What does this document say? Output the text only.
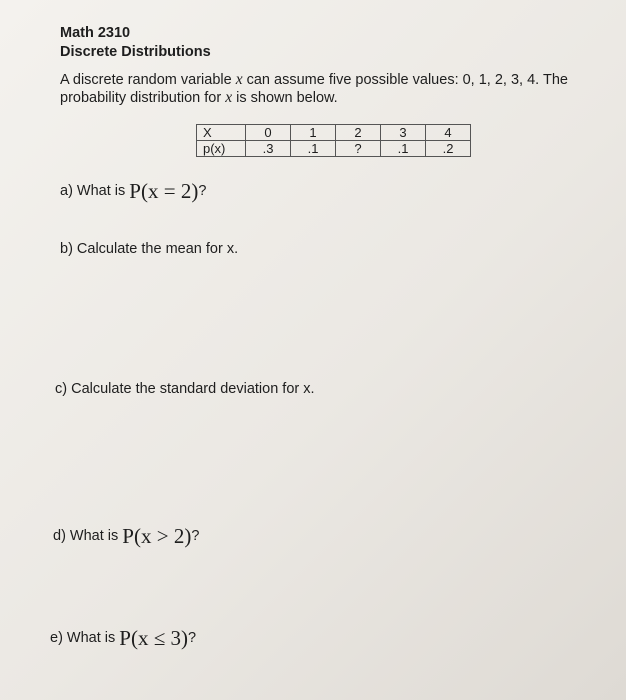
Math 2310
Discrete Distributions
A discrete random variable x can assume five possible values: 0, 1, 2, 3, 4. The
probability distribution for x is shown below.
X	0	1	2	3	4
p(x)	.3	.1	?	.1	.2
a) What is P(x = 2)?
b) Calculate the mean for x.
c) Calculate the standard deviation for x.
d) What is P(x > 2)?
e) What is P(x ≤ 3)?
